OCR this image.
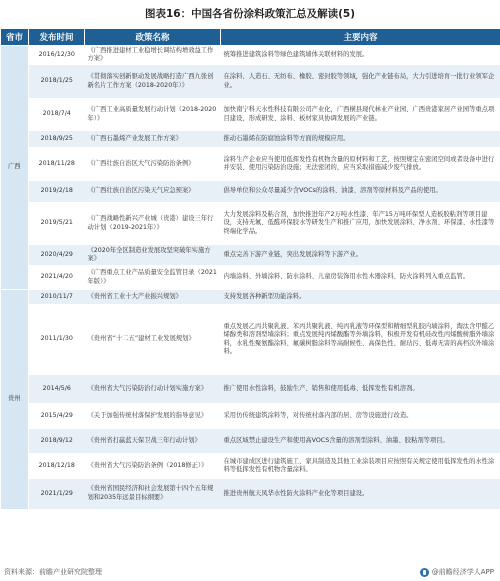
图表16：中国各省份涂料政策汇总及解读(5)
省市	发布时间	政策名称	主要内容
广西	2016/12/30	《广西推进建材工业稳增长调结构增效益工作方案》	统筹推进建筑涂料等绿色建筑墙体关联材料的发展。
	2018/1/25	《贯彻落实创新驱动发展战略打造广西九张创新名片工作方案（2018-2020年）》	在涂料、人造石、无纺布、橡胶、密封胶等领域，强化产业链布局，大力引进培育一批行业领军企业。
	2018/7/4	《广西工业高质量发展行动计划（2018-2020年）》	加快南宁科天水性科技有限公司产业化，广西横县现代林业产业园、广西贵港家居产业园等重点项目建设，形成研发、涂料、板材家具协调发展的产业链。
	2018/9/25	《广西石墨烯产业发展工作方案》	推动石墨烯在防腐蚀涂料等方面的规模应用。
	2018/11/28	《广西壮族自治区大气污染防治条例》	涂料生产企业应当使用低挥发性有机物含量的原材料和工艺，按照规定在密闭空间或者设备中进行并安装、使用污染防治设施；无法密闭的，应当采取措施减少废气排放。
	2019/2/18	《广西壮族自治区污染天气应急预案》	倡导单位和公众尽量减少含VOCs的涂料、油漆、溶剂等原材料及产品的使用。
	2019/5/21	《广西战略性新兴产业城（贵港）建设三年行动计划（2019-2021年）》	大力发展涂料及粘合剂，加快推进年产2万吨水性漆、年产15万吨环保型人造板胶粘剂等项目建设，支持无氟、低醛环保胶水等研发生产和推广应用，加快发展涂料、净水剂、环保漆、水性漆等终端化学品。
	2020/4/29	《2020年全区制造业发展攻坚突破年实施方案》	重点完善下游产业链，突出发展涂料等下游产业。
	2021/4/20	《广西重点工业产品质量安全监管目录（2021年版）》	内墙涂料、外墙涂料、防水涂料、儿童房装饰用水性木器涂料、防火涂料列入重点监管。
贵州	2010/11/7	《贵州省工业十大产业振兴规划》	支持发展各种新型功能涂料。
	2011/1/30	《贵州省“十二五”建材工业发展规划》	重点发展乙丙共聚乳液、苯丙共聚乳液、纯丙乳液等环保型和精细型乳胶内墙涂料，淘汰含甲醛乙烯醇类和溶剂型墙涂料；重点发展纯丙烯酸酯等外墙涂料，积极开发有机硅改性丙烯酸树脂外墙涂料，水乳性聚氨酯涂料、氟碳树脂涂料等高耐候性、高保色性、耐玷污、低毒无害的高档次外墙涂料。
	2014/5/6	《贵州省大气污染防治行动计划实施方案》	推广使用水性涂料，鼓励生产、销售和使用低毒、低挥发性有机溶剂。
	2015/4/29	《关于加强传统村落保护发展的指导意见》	采用仿传统建筑涂料等，对传统村落内部的居、房等设施进行改造。
	2018/9/12	《贵州省打赢蓝天保卫战三年行动计划》	重点区域禁止建设生产和使用高VOCS含量的溶剂型涂料、油墨、胶粘剂等项目。
	2018/12/18	《贵州省大气污染防治条例（2018修正）》	在城市建成区进行建筑施工、家具制造及其他工业涂装项目应按照有关规定使用低挥发性的水性涂料等低挥发性有机物含量涂料。
	2021/1/29	《贵州省国民经济和社会发展第十四个五年规划和2035年远景目标纲要》	推进贵州航天凤华水性防火涂料产业化等项目建设。
资料来源：前瞻产业研究院整理	@前瞻经济学人APP
